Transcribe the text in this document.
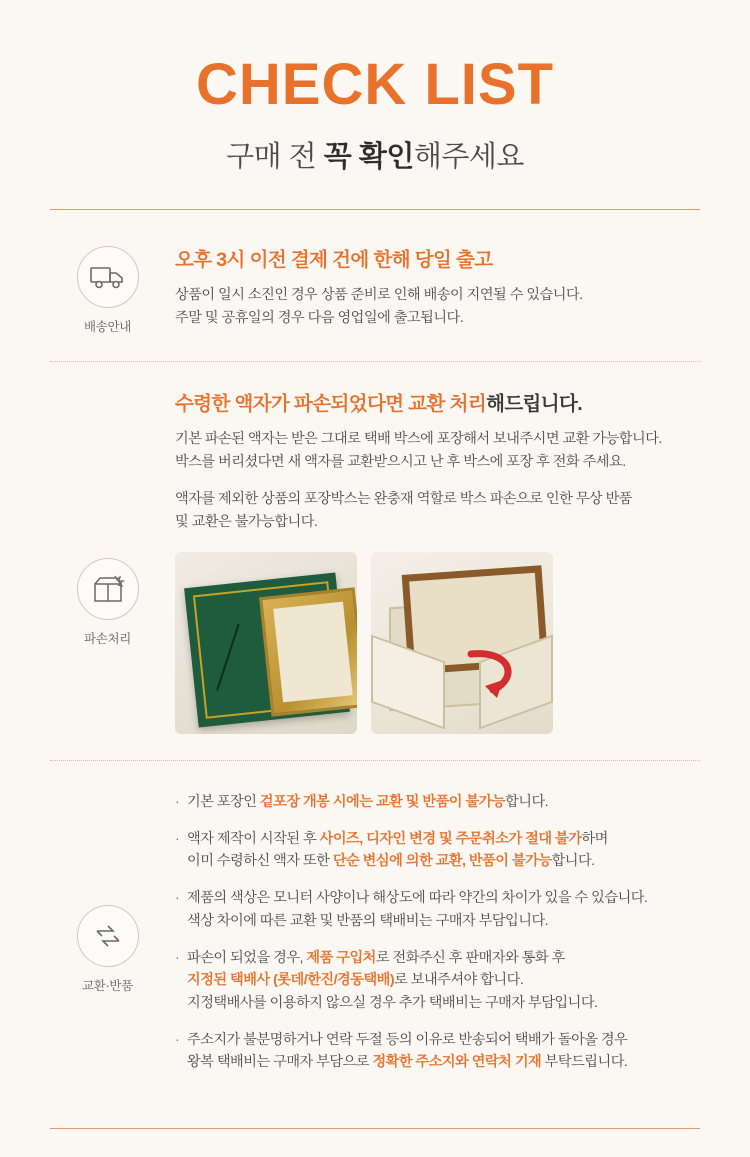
CHECK LIST
구매 전 꼭 확인해주세요
배송안내
오후 3시 이전 결제 건에 한해 당일 출고
상품이 일시 소진인 경우 상품 준비로 인해 배송이 지연될 수 있습니다.
주말 및 공휴일의 경우 다음 영업일에 출고됩니다.
파손처리
수령한 액자가 파손되었다면 교환 처리해드립니다.
기본 파손된 액자는 받은 그대로 택배 박스에 포장해서 보내주시면 교환 가능합니다.
박스를 버리셨다면 새 액자를 교환받으시고 난 후 박스에 포장 후 전화 주세요.
액자를 제외한 상품의 포장박스는 완충재 역할로 박스 파손으로 인한 무상 반품
및 교환은 불가능합니다.
교환·반품
· 기본 포장인 겉포장 개봉 시에는 교환 및 반품이 불가능합니다.
· 액자 제작이 시작된 후 사이즈, 디자인 변경 및 주문취소가 절대 불가하며
이미 수령하신 액자 또한 단순 변심에 의한 교환, 반품이 불가능합니다.
· 제품의 색상은 모니터 사양이나 해상도에 따라 약간의 차이가 있을 수 있습니다.
색상 차이에 따른 교환 및 반품의 택배비는 구매자 부담입니다.
· 파손이 되었을 경우, 제품 구입처로 전화주신 후 판매자와 통화 후
지정된 택배사 (롯데/한진/경동택배)로 보내주셔야 합니다.
지정택배사를 이용하지 않으실 경우 추가 택배비는 구매자 부담입니다.
· 주소지가 불분명하거나 연락 두절 등의 이유로 반송되어 택배가 돌아올 경우
왕복 택배비는 구매자 부담으로 정확한 주소지와 연락처 기재 부탁드립니다.
